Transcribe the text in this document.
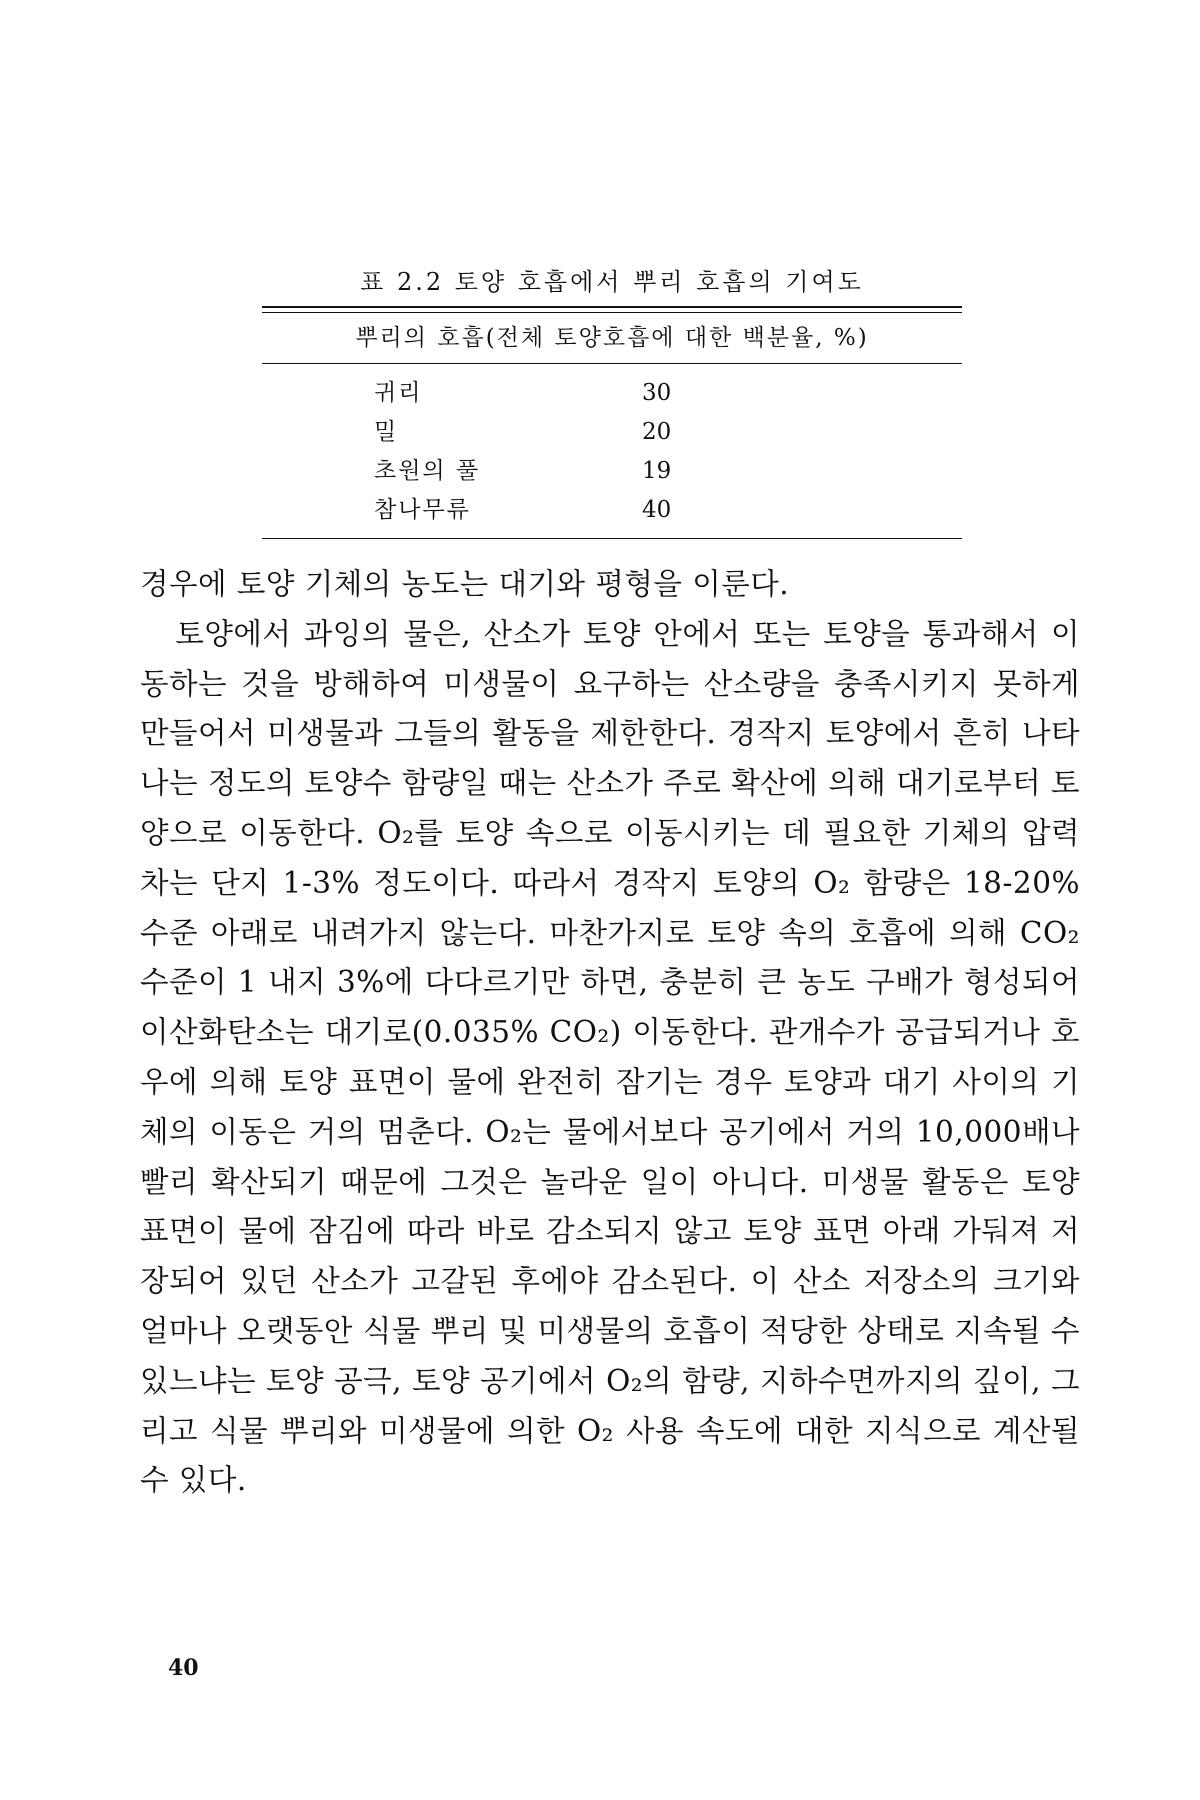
표 2.2 토양 호흡에서 뿌리 호흡의 기여도
뿌리의 호흡(전체 토양호흡에 대한 백분율, %)
귀리	30
밀	20
초원의 풀	19
참나무류	40

경우에 토양 기체의 농도는 대기와 평형을 이룬다.

토양에서 과잉의 물은, 산소가 토양 안에서 또는 토양을 통과해서 이동하는 것을 방해하여 미생물이 요구하는 산소량을 충족시키지 못하게 만들어서 미생물과 그들의 활동을 제한한다. 경작지 토양에서 흔히 나타나는 정도의 토양수 함량일 때는 산소가 주로 확산에 의해 대기로부터 토양으로 이동한다. O₂를 토양 속으로 이동시키는 데 필요한 기체의 압력차는 단지 1-3% 정도이다. 따라서 경작지 토양의 O₂ 함량은 18-20% 수준 아래로 내려가지 않는다. 마찬가지로 토양 속의 호흡에 의해 CO₂ 수준이 1 내지 3%에 다다르기만 하면, 충분히 큰 농도 구배가 형성되어 이산화탄소는 대기로(0.035% CO₂) 이동한다. 관개수가 공급되거나 호우에 의해 토양 표면이 물에 완전히 잠기는 경우 토양과 대기 사이의 기체의 이동은 거의 멈춘다. O₂는 물에서보다 공기에서 거의 10,000배나 빨리 확산되기 때문에 그것은 놀라운 일이 아니다. 미생물 활동은 토양 표면이 물에 잠김에 따라 바로 감소되지 않고 토양 표면 아래 가둬져 저장되어 있던 산소가 고갈된 후에야 감소된다. 이 산소 저장소의 크기와 얼마나 오랫동안 식물 뿌리 및 미생물의 호흡이 적당한 상태로 지속될 수 있느냐는 토양 공극, 토양 공기에서 O₂의 함량, 지하수면까지의 깊이, 그리고 식물 뿌리와 미생물에 의한 O₂ 사용 속도에 대한 지식으로 계산될 수 있다.

40
